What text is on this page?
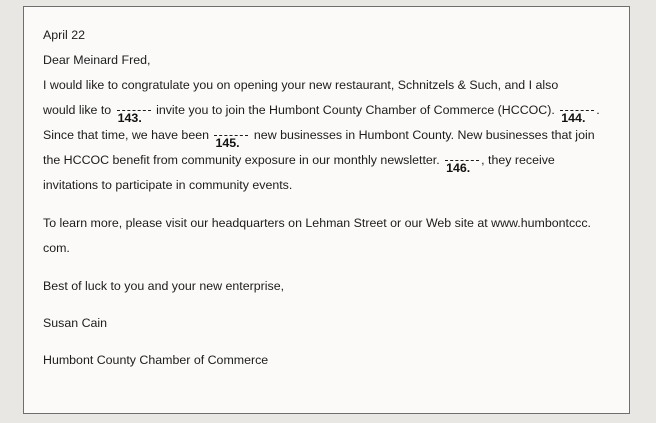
April 22
Dear Meinard Fred,
I would like to congratulate you on opening your new restaurant, Schnitzels & Such, and I also
would like to
143.
invite you to join the Humbont County Chamber of Commerce (HCCOC).
144.
.
Since that time, we have been
145.
new businesses in Humbont County. New businesses that join
the HCCOC benefit from community exposure in our monthly newsletter.
146.
, they receive
invitations to participate in community events.
To learn more, please visit our headquarters on Lehman Street or our Web site at www.humbontccc.
com.
Best of luck to you and your new enterprise,
Susan Cain
Humbont County Chamber of Commerce
